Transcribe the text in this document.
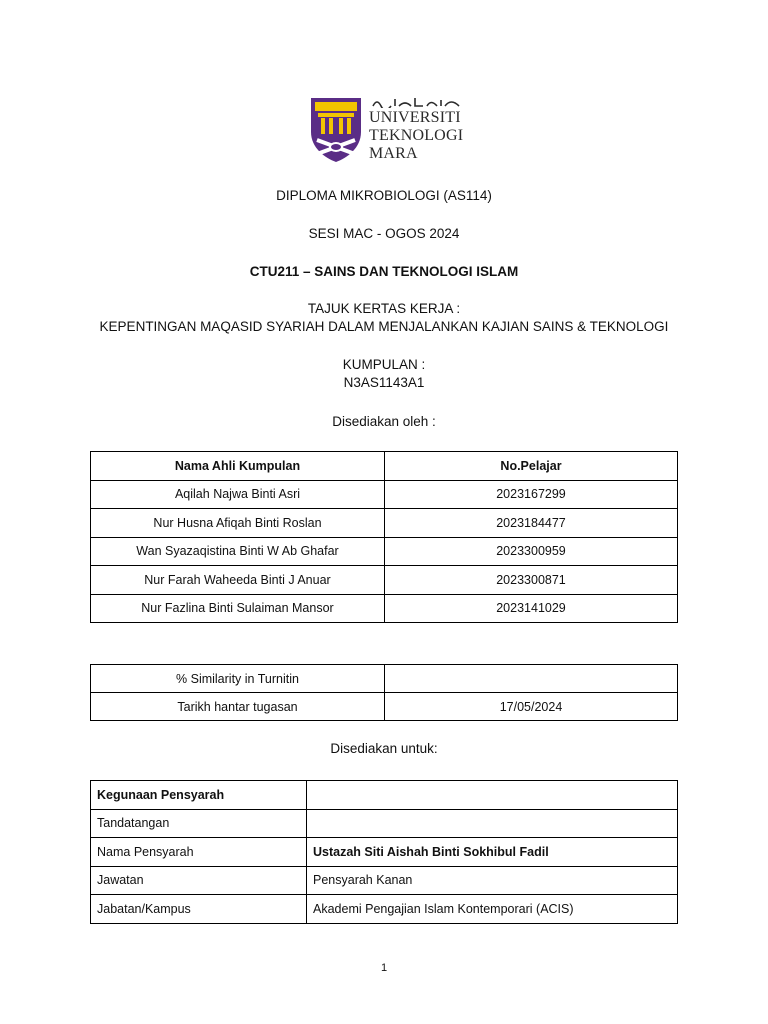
UNIVERSITI
TEKNOLOGI
MARA
DIPLOMA MIKROBIOLOGI (AS114)
SESI MAC - OGOS 2024
CTU211 – SAINS DAN TEKNOLOGI ISLAM
TAJUK KERTAS KERJA :
KEPENTINGAN MAQASID SYARIAH DALAM MENJALANKAN KAJIAN SAINS & TEKNOLOGI
KUMPULAN :
N3AS1143A1
Disediakan oleh :
Nama Ahli Kumpulan	No.Pelajar
Aqilah Najwa Binti Asri	2023167299
Nur Husna Afiqah Binti Roslan	2023184477
Wan Syazaqistina Binti W Ab Ghafar	2023300959
Nur Farah Waheeda Binti J Anuar	2023300871
Nur Fazlina Binti Sulaiman Mansor	2023141029
% Similarity in Turnitin	
Tarikh hantar tugasan	17/05/2024
Disediakan untuk:
Kegunaan Pensyarah	
Tandatangan	
Nama Pensyarah	Ustazah Siti Aishah Binti Sokhibul Fadil
Jawatan	Pensyarah Kanan
Jabatan/Kampus	Akademi Pengajian Islam Kontemporari (ACIS)
1
